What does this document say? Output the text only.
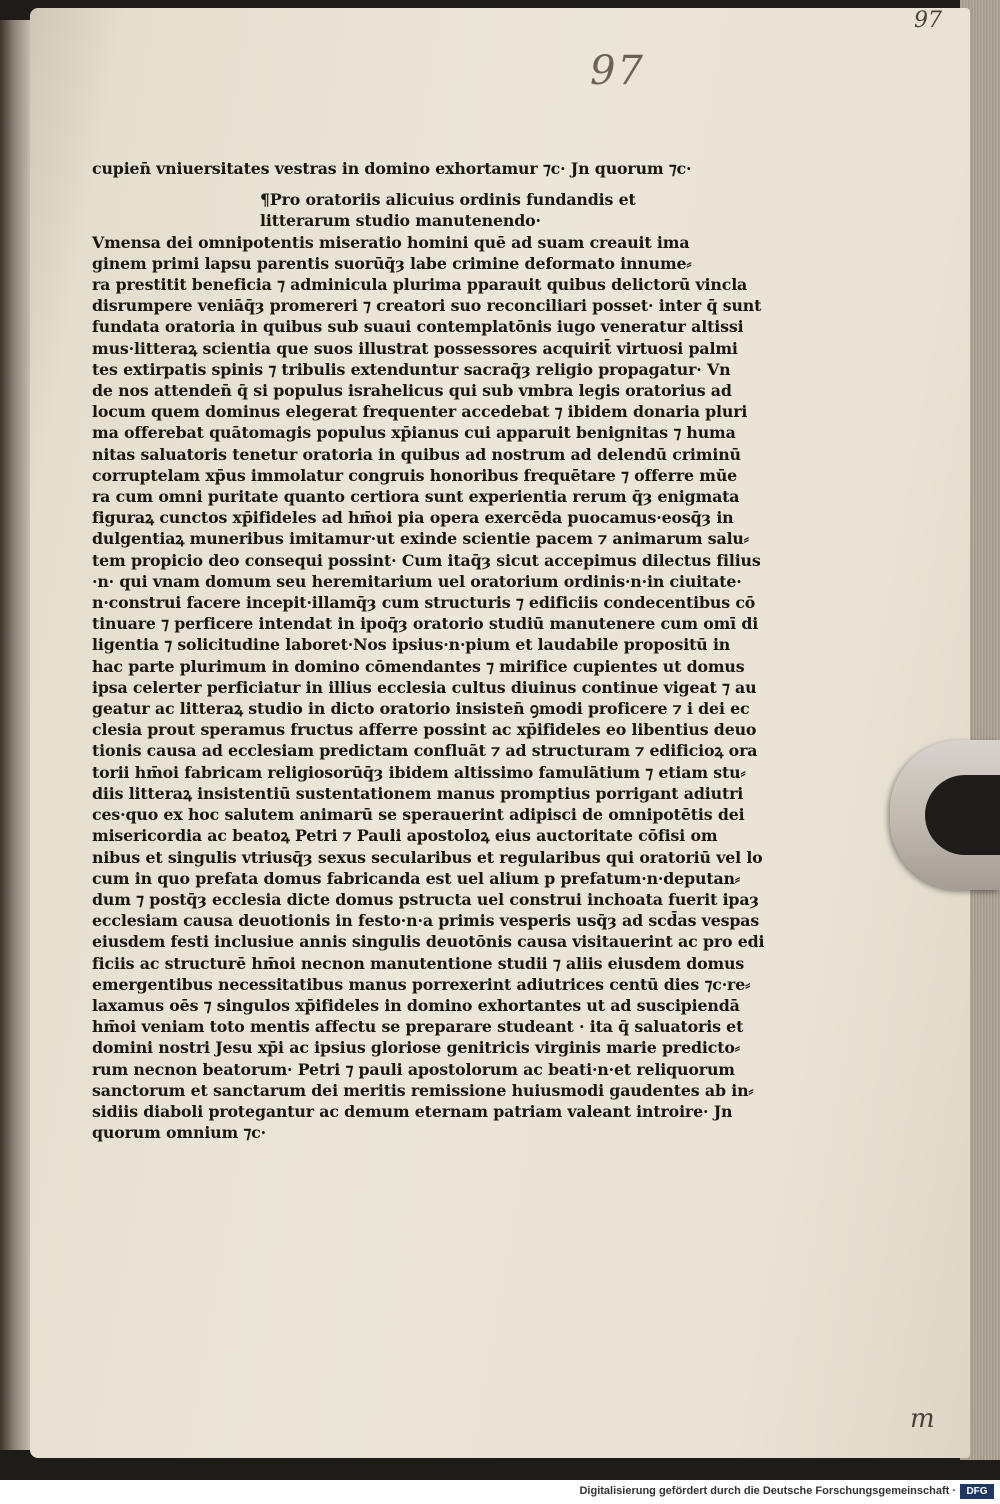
97
97
cupien̄ vniuersitates vestras in domino exhortamur ⁊c· Jn quorum ⁊c·
¶Pro oratoriis alicuius ordinis fundandis et
litterarum studio manutenendo·
Vmensa dei omnipotentis miseratio homini quē ad suam creauit ima
ginem primi lapsu parentis suorūq̄ȝ labe crimine deformato innume⸗
ra prestitit beneficia ⁊ adminicula plurima pparauit quibus delictorū vincla
disrumpere veniāq̄ȝ promereri ⁊ creatori suo reconciliari posset· inter q̄ sunt
fundata oratoria in quibus sub suaui contemplatōnis iugo veneratur altissi
mus·litteraꝝ scientia que suos illustrat possessores acquirit̄ virtuosi palmi
tes extirpatis spinis ⁊ tribulis extenduntur sacraq̄ȝ religio propagatur· Vn
de nos attenden̄ q̄ si populus israhelicus qui sub vmbra legis oratorius ad
locum quem dominus elegerat frequenter accedebat ⁊ ibidem donaria pluri
ma offerebat quātomagis populus xp̄ianus cui apparuit benignitas ⁊ huma
nitas saluatoris tenetur oratoria in quibus ad nostrum ad delendū criminū
corruptelam xp̄us immolatur congruis honoribus frequētare ⁊ offerre mūe
ra cum omni puritate quanto certiora sunt experientia rerum q̄ȝ enigmata
figuraꝝ cunctos xp̄ifideles ad hm̄oi pia opera exercēda puocamus·eosq̄ȝ in
dulgentiaꝝ muneribus imitamur·ut exinde scientie pacem ⁊ animarum salu⸗
tem propicio deo consequi possint· Cum itaq̄ȝ sicut accepimus dilectus filius
·n· qui vnam domum seu heremitarium uel oratorium ordinis·n·in ciuitate·
n·construi facere incepit·illamq̄ȝ cum structuris ⁊ edificiis condecentibus cō
tinuare ⁊ perficere intendat in ipoq̄ȝ oratorio studiū manutenere cum omī di
ligentia ⁊ solicitudine laboret·Nos ipsius·n·pium et laudabile propositū in
hac parte plurimum in domino cōmendantes ⁊ mirifice cupientes ut domus
ipsa celerter perficiatur in illius ecclesia cultus diuinus continue vigeat ⁊ au
geatur ac litteraꝝ studio in dicto oratorio insisten̄ ꝯmodi proficere ⁊ i dei ec
clesia prout speramus fructus afferre possint ac xp̄ifideles eo libentius deuo
tionis causa ad ecclesiam predictam confluāt ⁊ ad structuram ⁊ edificioꝝ ora
torii hm̄oi fabricam religiosorūq̄ȝ ibidem altissimo famulātium ⁊ etiam stu⸗
diis litteraꝝ insistentiū sustentationem manus promptius porrigant adiutri
ces·quo ex hoc salutem animarū se sperauerint adipisci de omnipotētis dei
misericordia ac beatoꝝ Petri ⁊ Pauli apostoloꝝ eius auctoritate cōfisi om
nibus et singulis vtriusq̄ȝ sexus secularibus et regularibus qui oratoriū vel lo
cum in quo prefata domus fabricanda est uel alium p prefatum·n·deputan⸗
dum ⁊ postq̄ȝ ecclesia dicte domus pstructa uel construi inchoata fuerit ipaȝ
ecclesiam causa deuotionis in festo·n·a primis vesperis usq̄ȝ ad scd̄as vespas
eiusdem festi inclusiue annis singulis deuotōnis causa visitauerint ac pro edi
ficiis ac structurē hm̄oi necnon manutentione studii ⁊ aliis eiusdem domus
emergentibus necessitatibus manus porrexerint adiutrices centū dies ⁊c·re⸗
laxamus oēs ⁊ singulos xp̄ifideles in domino exhortantes ut ad suscipiendā
hm̄oi veniam toto mentis affectu se preparare studeant · ita q̄ saluatoris et
domini nostri Jesu xp̄i ac ipsius gloriose genitricis virginis marie predicto⸗
rum necnon beatorum· Petri ⁊ pauli apostolorum ac beati·n·et reliquorum
sanctorum et sanctarum dei meritis remissione huiusmodi gaudentes ab in⸗
sidiis diaboli protegantur ac demum eternam patriam valeant introire· Jn
quorum omnium ⁊c·
m
Digitalisierung gefördert durch die Deutsche Forschungsgemeinschaft ·	DFG
